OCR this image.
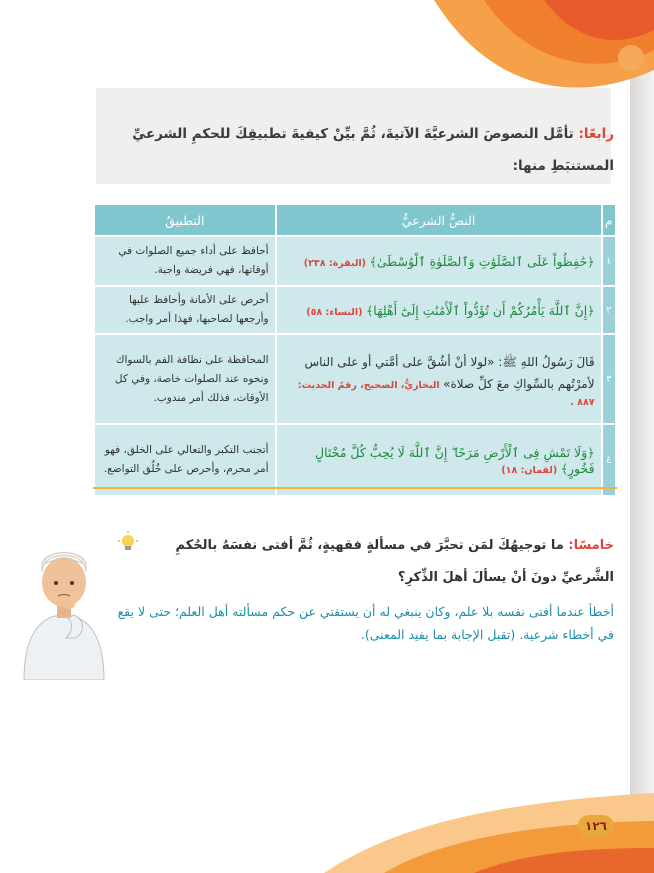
رابعًا: تأمَّل النصوصَ الشرعيَّةَ الآتيةَ، ثُمَّ بيِّنْ كيفيةَ تطبيقِكَ للحكمِ الشرعيِّ
المستنبَطِ منها:
م	النصُّ الشرعيُّ	التطبيقُ
١	﴿حَٰفِظُواْ عَلَى ٱلصَّلَوَٰتِ وَٱلصَّلَوٰةِ ٱلْوُسْطَىٰ﴾ (البقرة: ٢٣٨)	أحافظ على أداء جميع الصلوات في أوقاتها، فهي فريضة واجبة.
٢	﴿إِنَّ ٱللَّهَ يَأْمُرُكُمْ أَن تُؤَدُّواْ ٱلْأَمَٰنَٰتِ إِلَىٰٓ أَهْلِهَا﴾ (النساء: ٥٨)	أحرص على الأمانة وأحافظ عليها وأرجعها لصاحبها، فهذا أمر واجب.
٣	قَالَ رَسُولُ اللهِ ﷺ: «لولا أنْ أشُقَّ على أمَّتي أو على الناس لأمرْتُهم بالسِّواكِ معَ كلِّ صلاة» البخاريُّ، الصحيح، رقمُ الحديث: ٨٨٧ .	المحافظة على نظافة الفم بالسواك ونحوه عند الصلوات خاصة، وفي كل الأوقات، فذلك أمر مندوب.
٤	﴿وَلَا تَمْشِ فِى ٱلْأَرْضِ مَرَحًا ۖ إِنَّ ٱللَّهَ لَا يُحِبُّ كُلَّ مُخْتَالٍ فَخُورٍ﴾ (لقمان: ١٨)	أتجنب التكبر والتعالي على الخلق، فهو أمر محرم، وأحرص على خُلُق التواضع.
خامسًا: ما توجيهُكَ لمَن تحيَّرَ في مسألةٍ فقهيةٍ، ثُمَّ أفتى نفسَهُ بالحُكمِ
الشَّرعيِّ دونَ أنْ يسألَ أهلَ الذِّكرِ؟
أخطأ عندما أفتى نفسه بلا علم، وكان ينبغي له أن يستفتي عن حكم مسألته أهل العلم؛ حتى لا يقع في أخطاء شرعية. (تقبل الإجابة بما يفيد المعنى).
١٢٦
